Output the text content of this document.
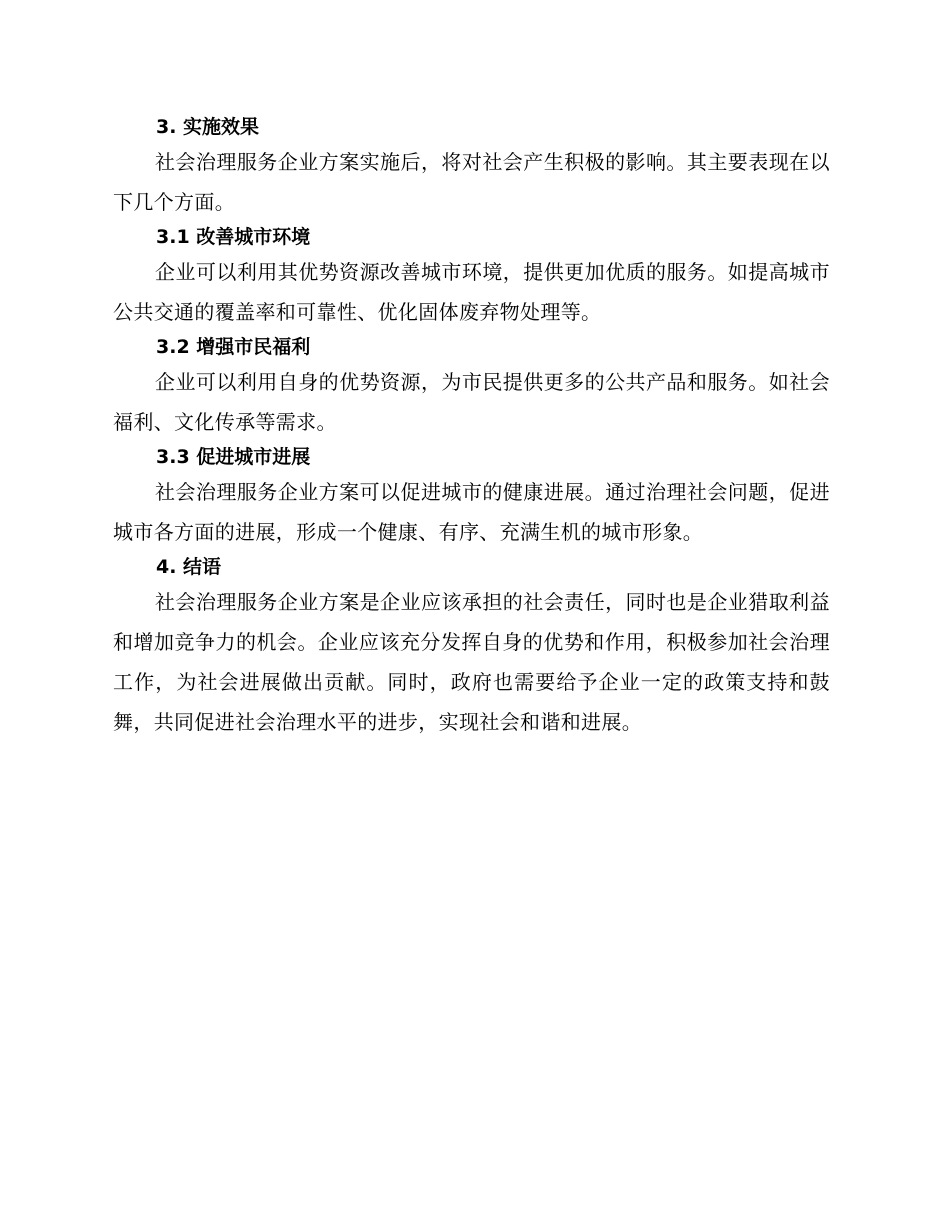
3. 实施效果

社会治理服务企业方案实施后，将对社会产生积极的影响。其主要表现在以下几个方面。

3.1 改善城市环境

企业可以利用其优势资源改善城市环境，提供更加优质的服务。如提高城市公共交通的覆盖率和可靠性、优化固体废弃物处理等。

3.2 增强市民福利

企业可以利用自身的优势资源，为市民提供更多的公共产品和服务。如社会福利、文化传承等需求。

3.3 促进城市进展

社会治理服务企业方案可以促进城市的健康进展。通过治理社会问题，促进城市各方面的进展，形成一个健康、有序、充满生机的城市形象。

4. 结语

社会治理服务企业方案是企业应该承担的社会责任，同时也是企业猎取利益和增加竞争力的机会。企业应该充分发挥自身的优势和作用，积极参加社会治理工作，为社会进展做出贡献。同时，政府也需要给予企业一定的政策支持和鼓舞，共同促进社会治理水平的进步，实现社会和谐和进展。
